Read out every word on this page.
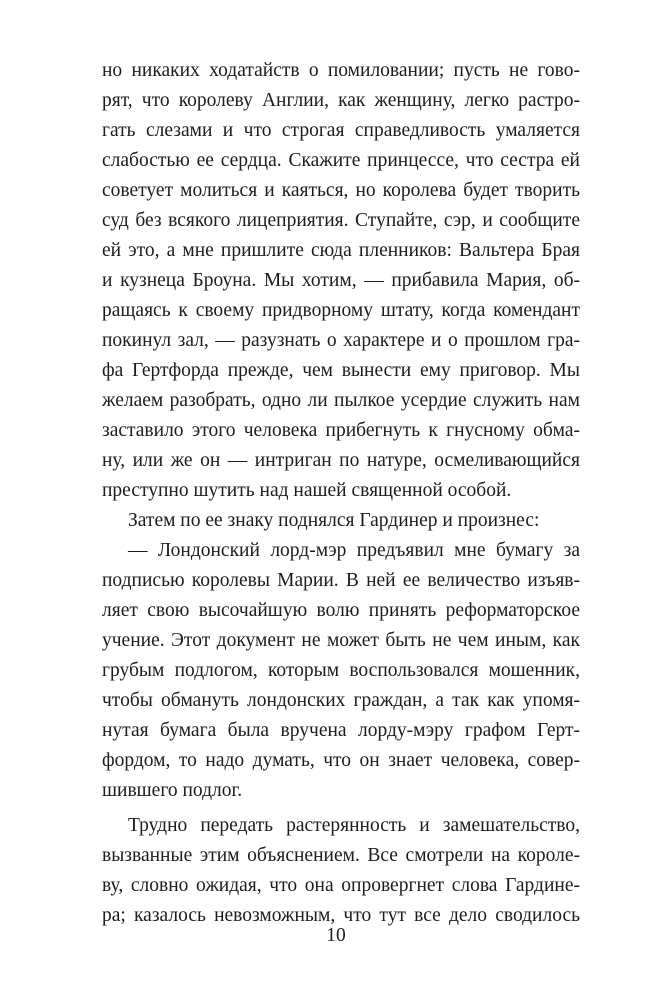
но никаких ходатайств о помиловании; пусть не гово-
рят, что королеву Англии, как женщину, легко растро-
гать слезами и что строгая справедливость умаляется
слабостью ее сердца. Скажите принцессе, что сестра ей
советует молиться и каяться, но королева будет творить
суд без всякого лицеприятия. Ступайте, сэр, и сообщите
ей это, а мне пришлите сюда пленников: Вальтера Брая
и кузнеца Броуна. Мы хотим, — прибавила Мария, об-
ращаясь к своему придворному штату, когда комендант
покинул зал, — разузнать о характере и о прошлом гра-
фа Гертфорда прежде, чем вынести ему приговор. Мы
желаем разобрать, одно ли пылкое усердие служить нам
заставило этого человека прибегнуть к гнусному обма-
ну, или же он — интриган по натуре, осмеливающийся
преступно шутить над нашей священной особой.
Затем по ее знаку поднялся Гардинер и произнес:
— Лондонский лорд-мэр предъявил мне бумагу за
подписью королевы Марии. В ней ее величество изъяв-
ляет свою высочайшую волю принять реформаторское
учение. Этот документ не может быть не чем иным, как
грубым подлогом, которым воспользовался мошенник,
чтобы обмануть лондонских граждан, а так как упомя-
нутая бумага была вручена лорду-мэру графом Герт-
фордом, то надо думать, что он знает человека, совер-
шившего подлог.
Трудно передать растерянность и замешательство,
вызванные этим объяснением. Все смотрели на короле-
ву, словно ожидая, что она опровергнет слова Гардине-
ра; казалось невозможным, что тут все дело сводилось
10
